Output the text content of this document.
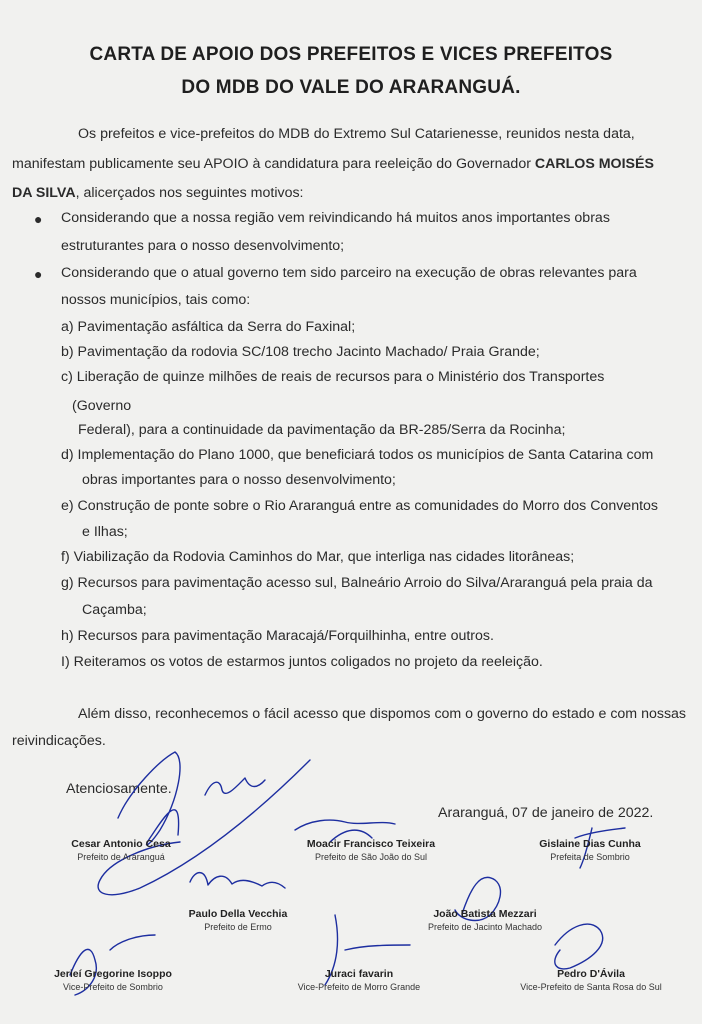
CARTA DE APOIO DOS PREFEITOS E VICES PREFEITOS
DO MDB DO VALE DO ARARANGUÁ.
Os prefeitos e vice-prefeitos do MDB do Extremo Sul Catarienesse, reunidos nesta data,
manifestam publicamente seu APOIO à candidatura para reeleição do Governador CARLOS MOISÉS
DA SILVA, alicerçados nos seguintes motivos:
● Considerando que a nossa região vem reivindicando há muitos anos importantes obras
estruturantes para o nosso desenvolvimento;
● Considerando que o atual governo tem sido parceiro na execução de obras relevantes para
nossos municípios, tais como:
a) Pavimentação asfáltica da Serra do Faxinal;
b) Pavimentação da rodovia SC/108 trecho Jacinto Machado/ Praia Grande;
c) Liberação de quinze milhões de reais de recursos para o Ministério dos Transportes
(Governo
Federal), para a continuidade da pavimentação da BR-285/Serra da Rocinha;
d) Implementação do Plano 1000, que beneficiará todos os municípios de Santa Catarina com
obras importantes para o nosso desenvolvimento;
e) Construção de ponte sobre o Rio Araranguá entre as comunidades do Morro dos Conventos
e Ilhas;
f) Viabilização da Rodovia Caminhos do Mar, que interliga nas cidades litorâneas;
g) Recursos para pavimentação acesso sul, Balneário Arroio do Silva/Araranguá pela praia da
Caçamba;
h) Recursos para pavimentação Maracajá/Forquilhinha, entre outros.
I) Reiteramos os votos de estarmos juntos coligados no projeto da reeleição.
Além disso, reconhecemos o fácil acesso que dispomos com o governo do estado e com nossas
reivindicações.
Atenciosamente.
Araranguá, 07 de janeiro de 2022.
Cesar Antonio Cesa
Prefeito de Araranguá
Moacir Francisco Teixeira
Prefeito de São João do Sul
Gislaine Dias Cunha
Prefeita de Sombrio
Paulo Della Vecchia
Prefeito de Ermo
João Batista Mezzari
Prefeito de Jacinto Machado
Jerieí Gregorine Isoppo
Vice-Prefeito de Sombrio
Juraci favarin
Vice-Prefeito de Morro Grande
Pedro D'Ávila
Vice-Prefeito de Santa Rosa do Sul
